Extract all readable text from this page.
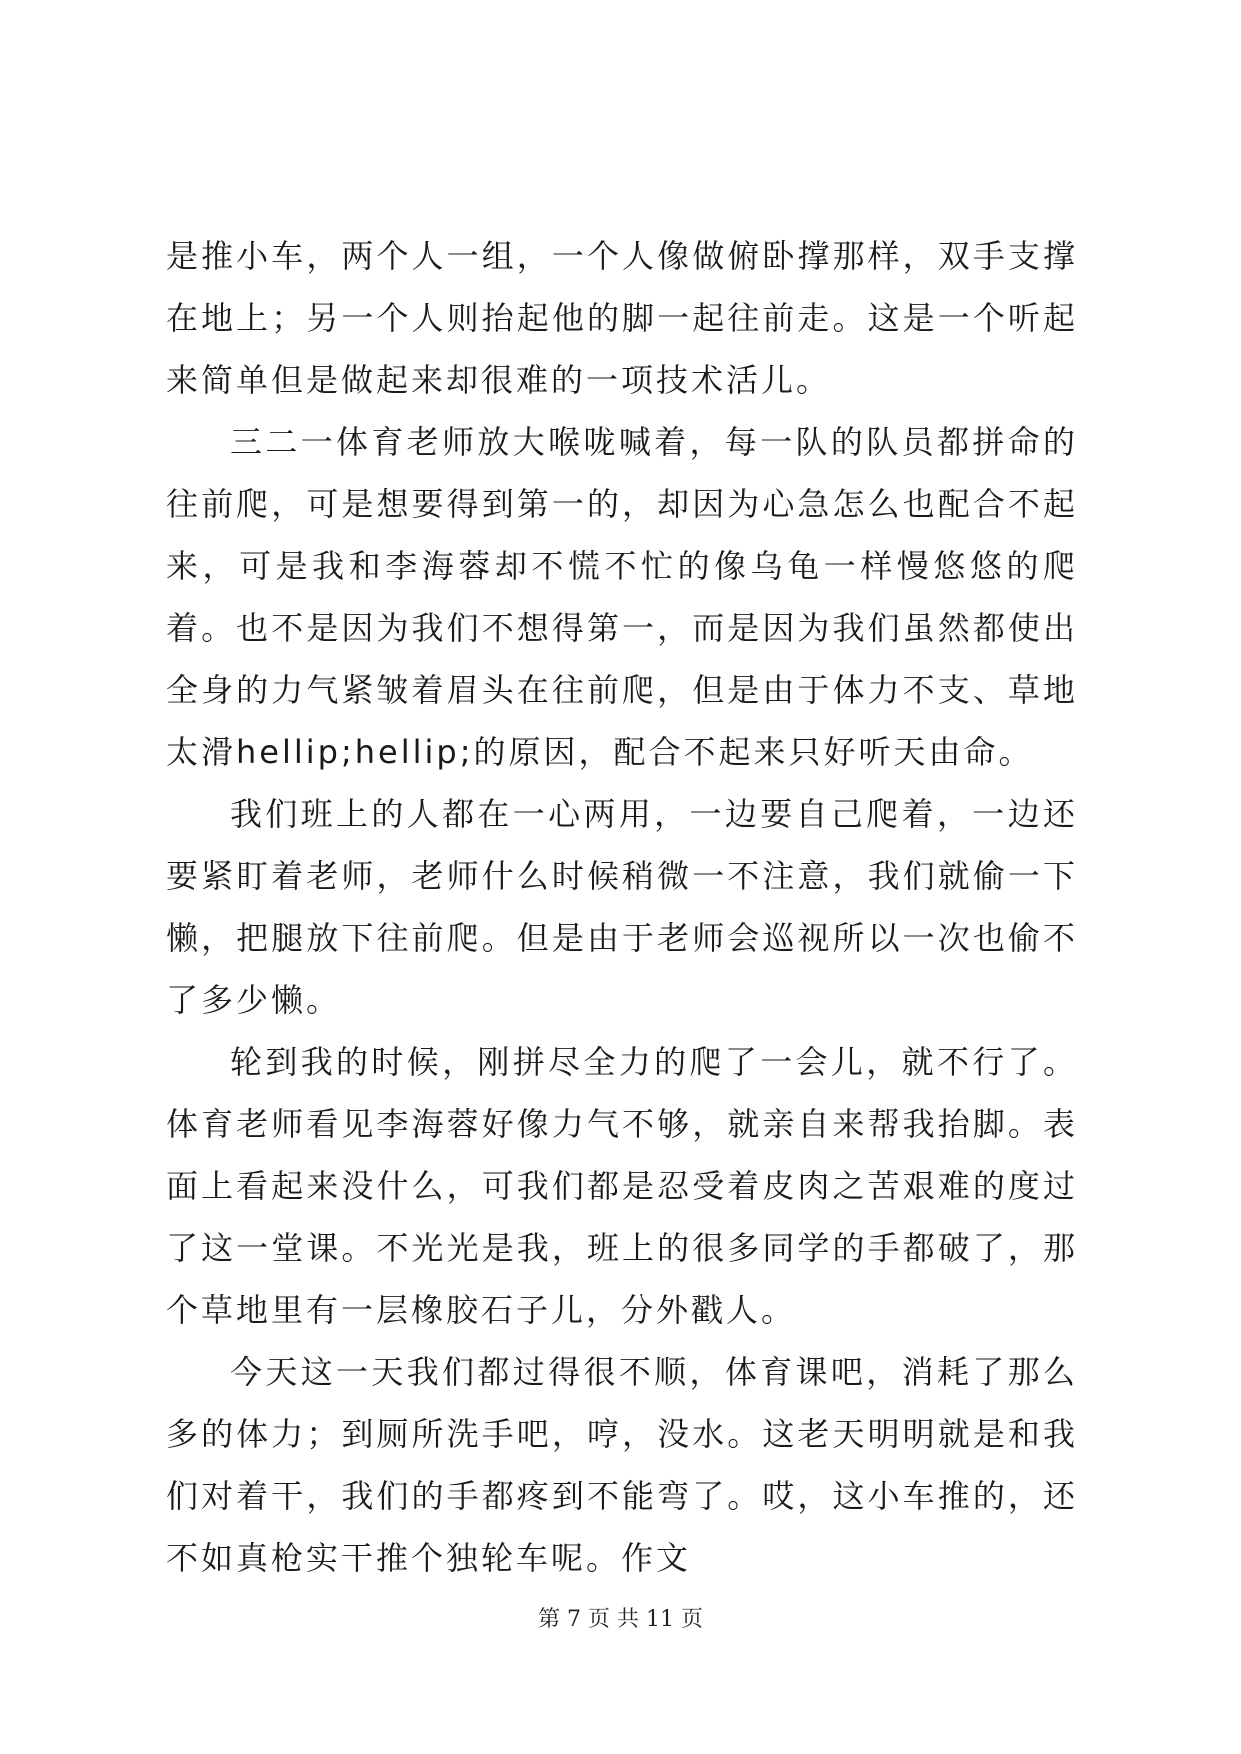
是推小车，两个人一组，一个人像做俯卧撑那样，双手支撑在地上；另一个人则抬起他的脚一起往前走。这是一个听起来简单但是做起来却很难的一项技术活儿。

三二一体育老师放大喉咙喊着，每一队的队员都拼命的往前爬，可是想要得到第一的，却因为心急怎么也配合不起来，可是我和李海蓉却不慌不忙的像乌龟一样慢悠悠的爬着。也不是因为我们不想得第一，而是因为我们虽然都使出全身的力气紧皱着眉头在往前爬，但是由于体力不支、草地太滑hellip;hellip;的原因，配合不起来只好听天由命。

我们班上的人都在一心两用，一边要自己爬着，一边还要紧盯着老师，老师什么时候稍微一不注意，我们就偷一下懒，把腿放下往前爬。但是由于老师会巡视所以一次也偷不了多少懒。

轮到我的时候，刚拼尽全力的爬了一会儿，就不行了。体育老师看见李海蓉好像力气不够，就亲自来帮我抬脚。表面上看起来没什么，可我们都是忍受着皮肉之苦艰难的度过了这一堂课。不光光是我，班上的很多同学的手都破了，那个草地里有一层橡胶石子儿，分外戳人。

今天这一天我们都过得很不顺，体育课吧，消耗了那么多的体力；到厕所洗手吧，哼，没水。这老天明明就是和我们对着干，我们的手都疼到不能弯了。哎，这小车推的，还不如真枪实干推个独轮车呢。作文

第 7 页 共 11 页
